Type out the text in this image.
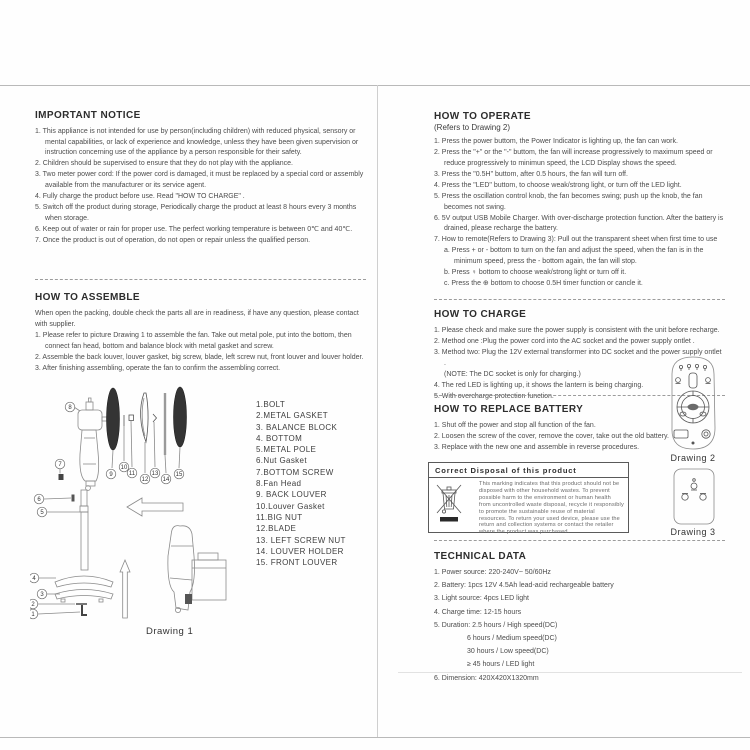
IMPORTANT NOTICE
1. This appliance is not intended for use by person(including children) with reduced physical, sensory or mental capabilities, or lack of experience and knowledge, unless they have been given supervision or instruction concerning use of the appliance by a person responsible for their safety.
2. Children should be supervised to ensure that they do not play with the appliance.
3. Two meter power cord: If the power cord is damaged, it must be replaced by a special cord or assembly available from the manufacturer or its service agent.
4. Fully charge the product before use. Read "HOW TO CHARGE" .
5. Switch off the product during storage, Periodically charge the product at least 8 hours every 3 months when storage.
6. Keep out of water or rain for proper use. The perfect working temperature is between 0℃ and 40℃.
7. Once the product is out of operation, do not open or repair unless the qualified person.
HOW TO ASSEMBLE
When open the packing, double check the parts all are in readiness, if have any question, please contact with supplier.
1. Please refer to picture Drawing 1 to assemble the fan. Take out metal pole, put into the bottom, then connect fan head, bottom and balance block with metal gasket and screw.
2. Assemble the back louver, louver gasket, big screw, blade, left screw nut, front louver and louver holder.
3. After finishing assembling, operate the fan to confirm the assembling correct.
8
7
9
10
11
12
13
14
15
6
5
4
3
2
1
1.BOLT
2.METAL GASKET
3. BALANCE BLOCK
4. BOTTOM
5.METAL POLE
6.Nut Gasket
7.BOTTOM SCREW
8.Fan Head
9. BACK LOUVER
10.Louver Gasket
11.BIG NUT
12.BLADE
13. LEFT SCREW NUT
14. LOUVER HOLDER
15. FRONT LOUVER
Drawing 1
HOW TO OPERATE
(Refers to Drawing 2)
1. Press the power buttom, the Power Indicator is lighting up, the fan can work.
2. Press the "+" or the "-" buttom, the fan will increase progressively to maximum speed or reduce progressively to minimun speed, the LCD Display shows the speed.
3. Press the "0.5H" buttom, after 0.5 hours, the fan will turn off.
4. Press the "LED" buttom, to choose weak/strong light, or turn off the LED light.
5. Press the oscillation control knob, the fan becomes swing; push up the knob, the fan becomes not swing.
6. 5V output USB Mobile Charger. With over-discharge protection function. After the battery is drained, please recharge the battery.
7. How to remote(Refers to Drawing 3): Pull out the transparent sheet when first time to use
a. Press + or - bottom to turn on the fan and adjust the speed, when the fan is in the minimum speed, press the - bottom again, the fan will stop.
b. Press ♀ bottom to choose weak/strong light or turn off it.
c. Press the ⊕ bottom to choose 0.5H timer function or cancle it.
HOW TO CHARGE
1. Please check and make sure the power supply is consistent with the unit before recharge.
2. Method one :Plug the power cord into the AC socket and the power supply ontlet .
3. Method two: Plug the 12V external transformer into DC socket and the power supply ontlet .
(NOTE: The DC socket is only for charging.)
4. The red LED is lighting up, it shows the lantern is being charging.
5. With overcharge protection function.
HOW TO REPLACE BATTERY
1. Shut off the power and stop all function of the fan.
2. Loosen the screw of the cover, remove the cover, take out the old battery.
3. Replace with the new one and assemble in reverse procedures.
Correct Disposal of this product
This marking indicates that this product should not be disposed with other household wastes. To prevent possible harm to the environment or human health from uncontrolled waste disposal, recycle it responsibly to promote the sustainable reuse of material resources. To return your used device, please use the return and collection systems or contact the retailer where the product was purchased.
TECHNICAL DATA
1. Power source: 220-240V~ 50/60Hz
2. Battery: 1pcs 12V 4.5Ah lead-acid rechargeable battery
3. Light source: 4pcs LED light
4. Charge time: 12-15 hours
5. Duration: 2.5 hours / High speed(DC)
6 hours / Medium speed(DC)
30 hours / Low speed(DC)
≥ 45 hours / LED light
6. Dimension: 420X420X1320mm
Drawing 2
Drawing 3
